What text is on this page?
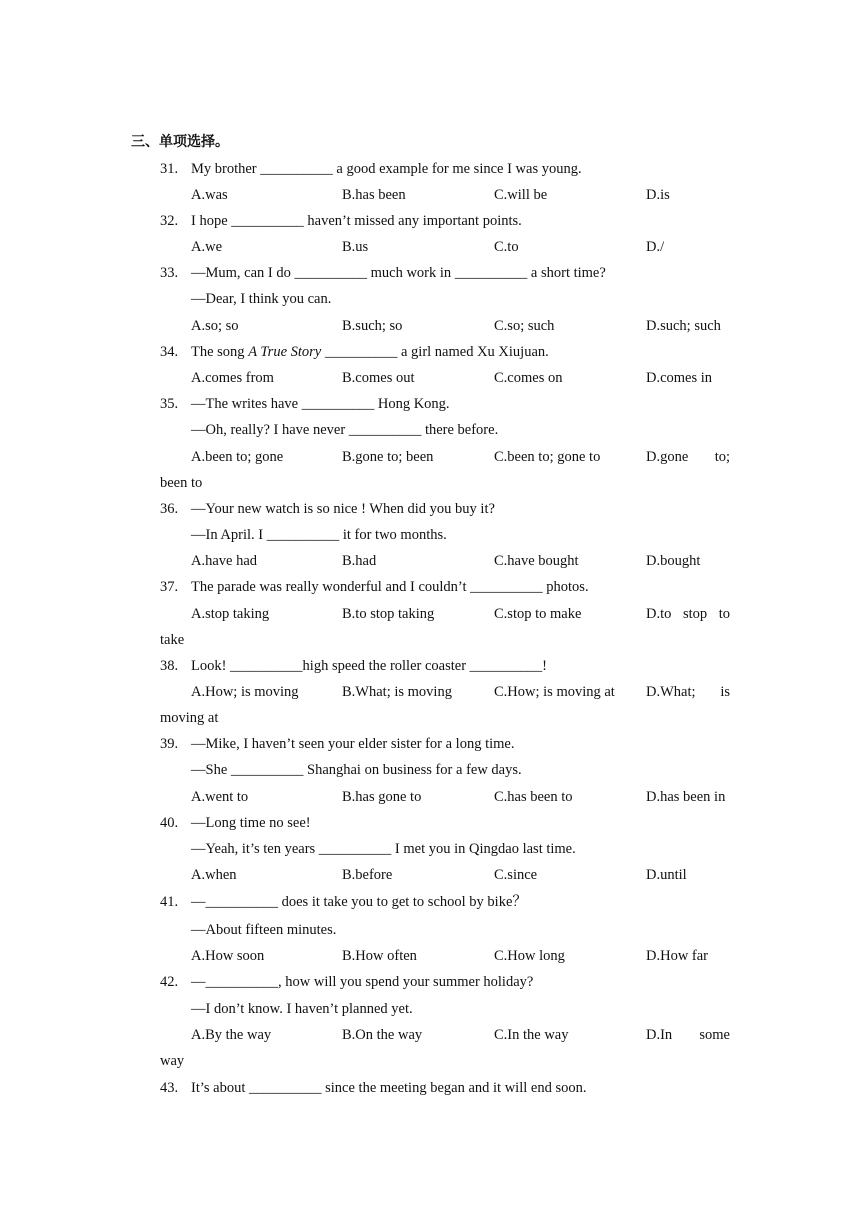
三、单项选择。
31. My brother __________ a good example for me since I was young.
A.was	B.has been	C.will be	D.is
32. I hope __________ haven’t missed any important points.
A.we	B.us	C.to	D./
33. —Mum, can I do __________ much work in __________ a short time?
—Dear, I think you can.
A.so; so	B.such; so	C.so; such	D.such; such
34. The song A True Story __________ a girl named Xu Xiujuan.
A.comes from	B.comes out	C.comes on	D.comes in
35. —The writes have __________ Hong Kong.
—Oh, really? I have never __________ there before.
A.been to; gone	B.gone to; been	C.been to; gone to	D.gone to;
been to
36. —Your new watch is so nice ! When did you buy it?
—In April. I __________ it for two months.
A.have had	B.had	C.have bought	D.bought
37. The parade was really wonderful and I couldn’t __________ photos.
A.stop taking	B.to stop taking	C.stop to make	D.to stop to
take
38. Look! __________high speed the roller coaster __________!
A.How; is moving	B.What; is moving	C.How; is moving at D.What; is
moving at
39. —Mike, I haven’t seen your elder sister for a long time.
—She __________ Shanghai on business for a few days.
A.went to	B.has gone to	C.has been to	D.has been in
40. —Long time no see!
—Yeah, it’s ten years __________ I met you in Qingdao last time.
A.when	B.before	C.since	D.until
41. —__________ does it take you to get to school by bike？
—About fifteen minutes.
A.How soon	B.How often	C.How long	D.How far
42. —__________, how will you spend your summer holiday?
—I don’t know. I haven’t planned yet.
A.By the way	B.On the way	C.In the way	D.In some
way
43. It’s about __________ since the meeting began and it will end soon.
